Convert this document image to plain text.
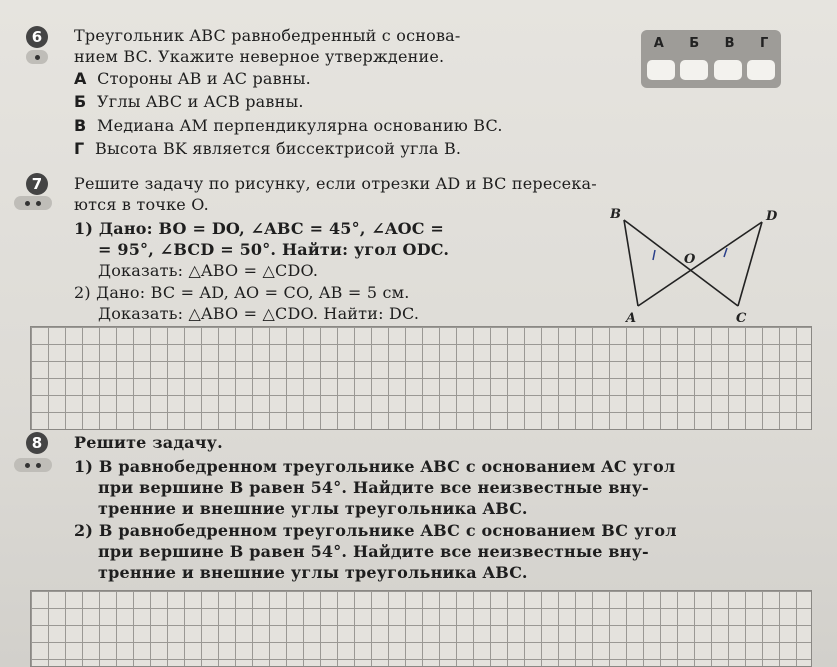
6 Треугольник ABC равнобедренный с основа-
нием BC. Укажите неверное утверждение.
А Стороны AB и AC равны.
Б Углы ABC и ACB равны.
В Медиана AM перпендикулярна основанию BC.
Г Высота BK является биссектрисой угла B.
А Б В Г
7 Решите задачу по рисунку, если отрезки AD и BC пересека-
ются в точке O.
1) Дано: BO = DO, ∠ABC = 45°, ∠AOC =
= 95°, ∠BCD = 50°. Найти: угол ODC.
Доказать: △ABO = △CDO.
2) Дано: BC = AD, AO = CO, AB = 5 см.
Доказать: △ABO = △CDO. Найти: DC.
B	D
O
A	C
8 Решите задачу.
1) В равнобедренном треугольнике ABC с основанием AC угол
при вершине B равен 54°. Найдите все неизвестные вну-
тренние и внешние углы треугольника ABC.
2) В равнобедренном треугольнике ABC с основанием BC угол
при вершине B равен 54°. Найдите все неизвестные вну-
тренние и внешние углы треугольника ABC.
